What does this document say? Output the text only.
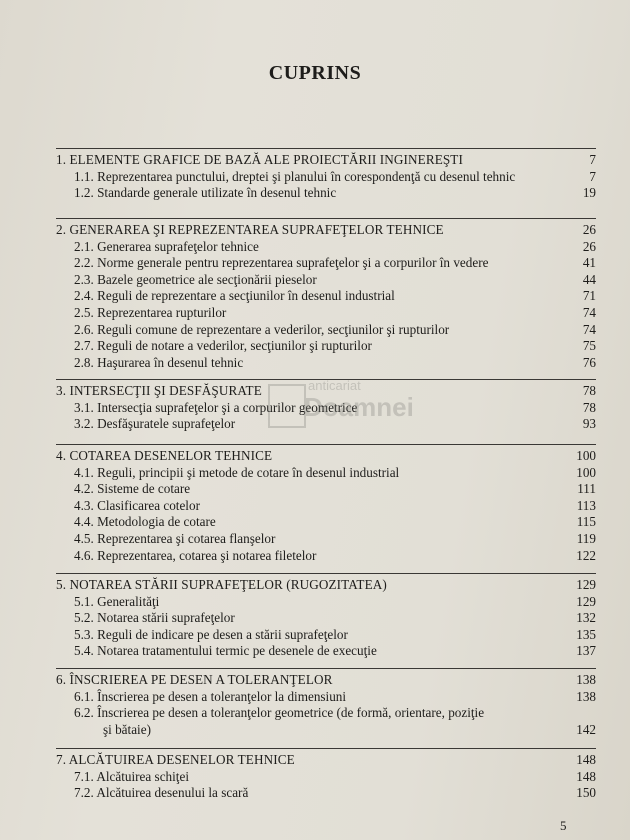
CUPRINS
1. ELEMENTE GRAFICE DE BAZĂ ALE PROIECTĂRII INGINEREŞTI	7
1.1. Reprezentarea punctului, dreptei şi planului în corespondenţă cu desenul tehnic	7
1.2. Standarde generale utilizate în desenul tehnic	19
2. GENERAREA ŞI REPREZENTAREA SUPRAFEŢELOR TEHNICE	26
2.1. Generarea suprafeţelor tehnice	26
2.2. Norme generale pentru reprezentarea suprafeţelor şi a corpurilor în vedere	41
2.3. Bazele geometrice ale secţionării pieselor	44
2.4. Reguli de reprezentare a secţiunilor în desenul industrial	71
2.5. Reprezentarea rupturilor	74
2.6. Reguli comune de reprezentare a vederilor, secţiunilor şi rupturilor	74
2.7. Reguli de notare a vederilor, secţiunilor şi rupturilor	75
2.8. Haşurarea în desenul tehnic	76
3. INTERSECŢII ŞI DESFĂŞURATE	78
3.1. Intersecţia suprafeţelor şi a corpurilor geometrice	78
3.2. Desfăşuratele suprafeţelor	93
4. COTAREA DESENELOR TEHNICE	100
4.1. Reguli, principii şi metode de cotare în desenul industrial	100
4.2. Sisteme de cotare	111
4.3. Clasificarea cotelor	113
4.4. Metodologia de cotare	115
4.5. Reprezentarea şi cotarea flanşelor	119
4.6. Reprezentarea, cotarea şi notarea filetelor	122
5. NOTAREA STĂRII SUPRAFEŢELOR (RUGOZITATEA)	129
5.1. Generalităţi	129
5.2. Notarea stării suprafeţelor	132
5.3. Reguli de indicare pe desen a stării suprafeţelor	135
5.4. Notarea tratamentului termic pe desenele de execuţie	137
6. ÎNSCRIEREA PE DESEN A TOLERANŢELOR	138
6.1. Înscrierea pe desen a toleranţelor la dimensiuni	138
6.2. Înscrierea pe desen a toleranţelor geometrice (de formă, orientare, poziţie
şi bătaie)	142
7. ALCĂTUIREA DESENELOR TEHNICE	148
7.1. Alcătuirea schiţei	148
7.2. Alcătuirea desenului la scară	150
anticariat
Doamnei
5
